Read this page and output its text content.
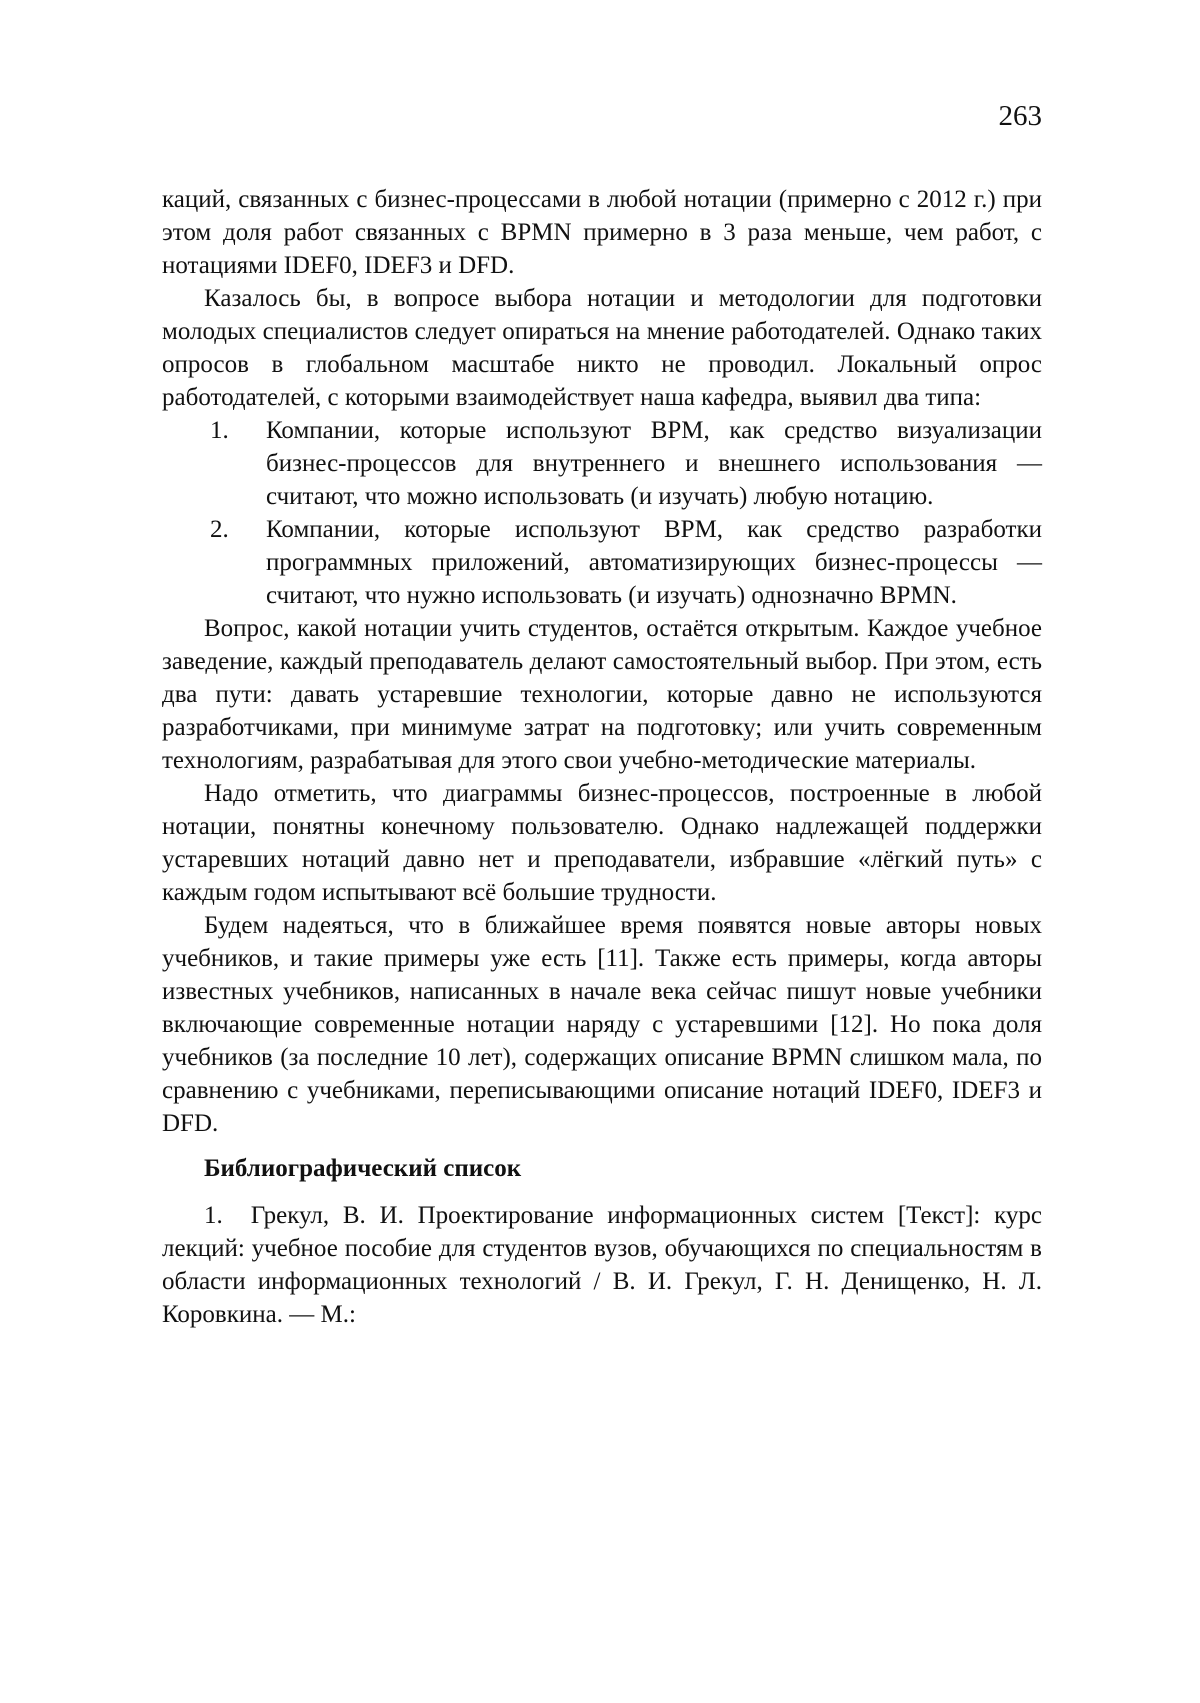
263

каций, связанных с бизнес-процессами в любой нотации (примерно с 2012 г.) при этом доля работ связанных с BPMN примерно в 3 раза меньше, чем работ, с нотациями IDEF0, IDEF3 и DFD.

Казалось бы, в вопросе выбора нотации и методологии для подготовки молодых специалистов следует опираться на мнение работодателей. Однако таких опросов в глобальном масштабе никто не проводил. Локальный опрос работодателей, с которыми взаимодействует наша кафедра, выявил два типа:

1. Компании, которые используют BPM, как средство визуализации бизнес-процессов для внутреннего и внешнего использования — считают, что можно использовать (и изучать) любую нотацию.
2. Компании, которые используют BPM, как средство разработки программных приложений, автоматизирующих бизнес-процессы — считают, что нужно использовать (и изучать) однозначно BPMN.

Вопрос, какой нотации учить студентов, остаётся открытым. Каждое учебное заведение, каждый преподаватель делают самостоятельный выбор. При этом, есть два пути: давать устаревшие технологии, которые давно не используются разработчиками, при минимуме затрат на подготовку; или учить современным технологиям, разрабатывая для этого свои учебно-методические материалы.

Надо отметить, что диаграммы бизнес-процессов, построенные в любой нотации, понятны конечному пользователю. Однако надлежащей поддержки устаревших нотаций давно нет и преподаватели, избравшие «лёгкий путь» с каждым годом испытывают всё большие трудности.

Будем надеяться, что в ближайшее время появятся новые авторы новых учебников, и такие примеры уже есть [11]. Также есть примеры, когда авторы известных учебников, написанных в начале века сейчас пишут новые учебники включающие современные нотации наряду с устаревшими [12]. Но пока доля учебников (за последние 10 лет), содержащих описание BPMN слишком мала, по сравнению с учебниками, переписывающими описание нотаций IDEF0, IDEF3 и DFD.

Библиографический список

1. Грекул, В. И. Проектирование информационных систем [Текст]: курс лекций: учебное пособие для студентов вузов, обучающихся по специальностям в области информационных технологий / В. И. Грекул, Г. Н. Денищенко, Н. Л. Коровкина. — М.:
